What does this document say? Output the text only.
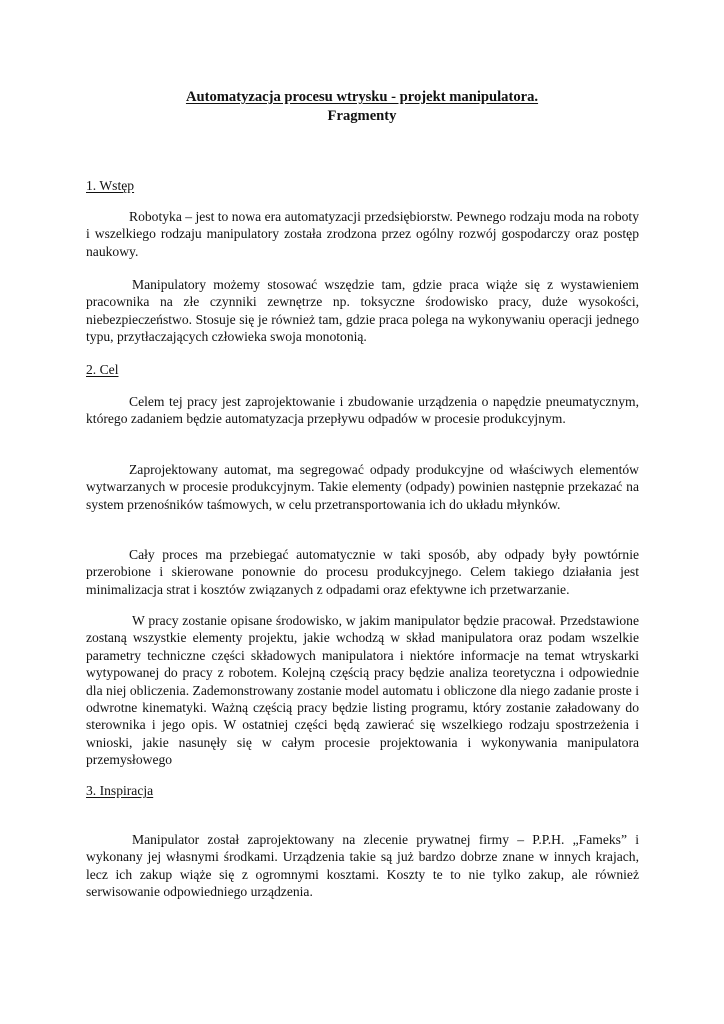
Automatyzacja procesu wtrysku - projekt manipulatora.
Fragmenty
1. Wstęp

Robotyka – jest to nowa era automatyzacji przedsiębiorstw. Pewnego rodzaju moda na roboty i wszelkiego rodzaju manipulatory została zrodzona przez ogólny rozwój gospodarczy oraz postęp naukowy.

Manipulatory możemy stosować wszędzie tam, gdzie praca wiąże się z wystawieniem pracownika na złe czynniki zewnętrze np. toksyczne środowisko pracy, duże wysokości, niebezpieczeństwo. Stosuje się je również tam, gdzie praca polega na wykonywaniu operacji jednego typu, przytłaczających człowieka swoja monotonią.

2. Cel

Celem tej pracy jest zaprojektowanie i zbudowanie urządzenia o napędzie pneumatycznym, którego zadaniem będzie automatyzacja przepływu odpadów w procesie produkcyjnym.

Zaprojektowany automat, ma segregować odpady produkcyjne od właściwych elementów wytwarzanych w procesie produkcyjnym. Takie elementy (odpady) powinien następnie przekazać na system przenośników taśmowych, w celu przetransportowania ich do układu młynków.

Cały proces ma przebiegać automatycznie w taki sposób, aby odpady były powtórnie przerobione i skierowane ponownie do procesu produkcyjnego. Celem takiego działania jest minimalizacja strat i kosztów związanych z odpadami oraz efektywne ich przetwarzanie.

W pracy zostanie opisane środowisko, w jakim manipulator będzie pracował. Przedstawione zostaną wszystkie elementy projektu, jakie wchodzą w skład manipulatora oraz podam wszelkie parametry techniczne części składowych manipulatora i niektóre informacje na temat wtryskarki wytypowanej do pracy z robotem. Kolejną częścią pracy będzie analiza teoretyczna i odpowiednie dla niej obliczenia. Zademonstrowany zostanie model automatu i obliczone dla niego zadanie proste i odwrotne kinematyki. Ważną częścią pracy będzie listing programu, który zostanie załadowany do sterownika i jego opis. W ostatniej części będą zawierać się wszelkiego rodzaju spostrzeżenia i wnioski, jakie nasunęły się w całym procesie projektowania i wykonywania manipulatora przemysłowego

3. Inspiracja

Manipulator został zaprojektowany na zlecenie prywatnej firmy – P.P.H. „Fameks” i wykonany jej własnymi środkami. Urządzenia takie są już bardzo dobrze znane w innych krajach, lecz ich zakup wiąże się z ogromnymi kosztami. Koszty te to nie tylko zakup, ale również serwisowanie odpowiedniego urządzenia.
